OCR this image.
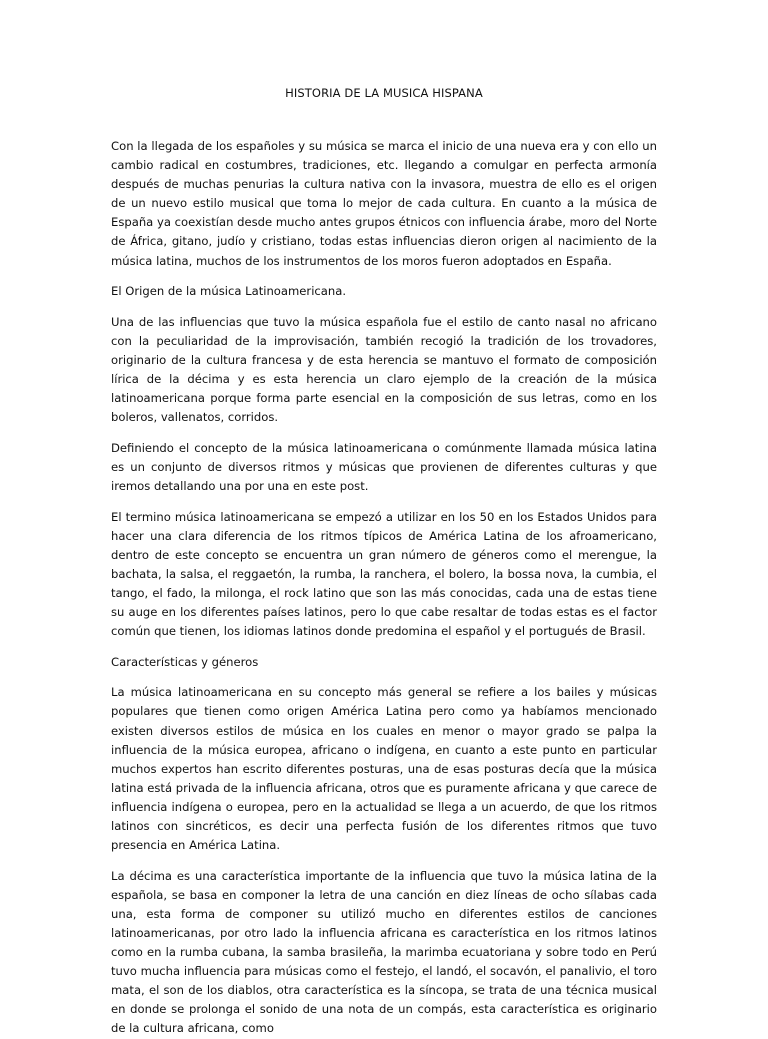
HISTORIA DE LA MUSICA HISPANA

Con la llegada de los españoles y su música se marca el inicio de una nueva era y con ello un cambio radical en costumbres, tradiciones, etc. llegando a comulgar en perfecta armonía después de muchas penurias la cultura nativa con la invasora, muestra de ello es el origen de un nuevo estilo musical que toma lo mejor de cada cultura. En cuanto a la música de España ya coexistían desde mucho antes grupos étnicos con influencia árabe, moro del Norte de África, gitano, judío y cristiano, todas estas influencias dieron origen al nacimiento de la música latina, muchos de los instrumentos de los moros fueron adoptados en España.

El Origen de la música Latinoamericana.

Una de las influencias que tuvo la música española fue el estilo de canto nasal no africano con la peculiaridad de la improvisación, también recogió la tradición de los trovadores, originario de la cultura francesa y de esta herencia se mantuvo el formato de composición lírica de la décima y es esta herencia un claro ejemplo de la creación de la música latinoamericana porque forma parte esencial en la composición de sus letras, como en los boleros, vallenatos, corridos.

Definiendo el concepto de la música latinoamericana o comúnmente llamada música latina es un conjunto de diversos ritmos y músicas que provienen de diferentes culturas y que iremos detallando una por una en este post.

El termino música latinoamericana se empezó a utilizar en los 50 en los Estados Unidos para hacer una clara diferencia de los ritmos típicos de América Latina de los afroamericano, dentro de este concepto se encuentra un gran número de géneros como el merengue, la bachata, la salsa, el reggaetón, la rumba, la ranchera, el bolero, la bossa nova, la cumbia, el tango, el fado, la milonga, el rock latino que son las más conocidas, cada una de estas tiene su auge en los diferentes países latinos, pero lo que cabe resaltar de todas estas es el factor común que tienen, los idiomas latinos donde predomina el español y el portugués de Brasil.

Características y géneros

La música latinoamericana en su concepto más general se refiere a los bailes y músicas populares que tienen como origen América Latina pero como ya habíamos mencionado existen diversos estilos de música en los cuales en menor o mayor grado se palpa la influencia de la música europea, africano o indígena, en cuanto a este punto en particular muchos expertos han escrito diferentes posturas, una de esas posturas decía que la música latina está privada de la influencia africana, otros que es puramente africana y que carece de influencia indígena o europea, pero en la actualidad se llega a un acuerdo, de que los ritmos latinos con sincréticos, es decir una perfecta fusión de los diferentes ritmos que tuvo presencia en América Latina.

La décima es una característica importante de la influencia que tuvo la música latina de la española, se basa en componer la letra de una canción en diez líneas de ocho sílabas cada una, esta forma de componer su utilizó mucho en diferentes estilos de canciones latinoamericanas, por otro lado la influencia africana es característica en los ritmos latinos como en la rumba cubana, la samba brasileña, la marimba ecuatoriana y sobre todo en Perú tuvo mucha influencia para músicas como el festejo, el landó, el socavón, el panalivio, el toro mata, el son de los diablos, otra característica es la síncopa, se trata de una técnica musical en donde se prolonga el sonido de una nota de un compás, esta característica es originario de la cultura africana, como
